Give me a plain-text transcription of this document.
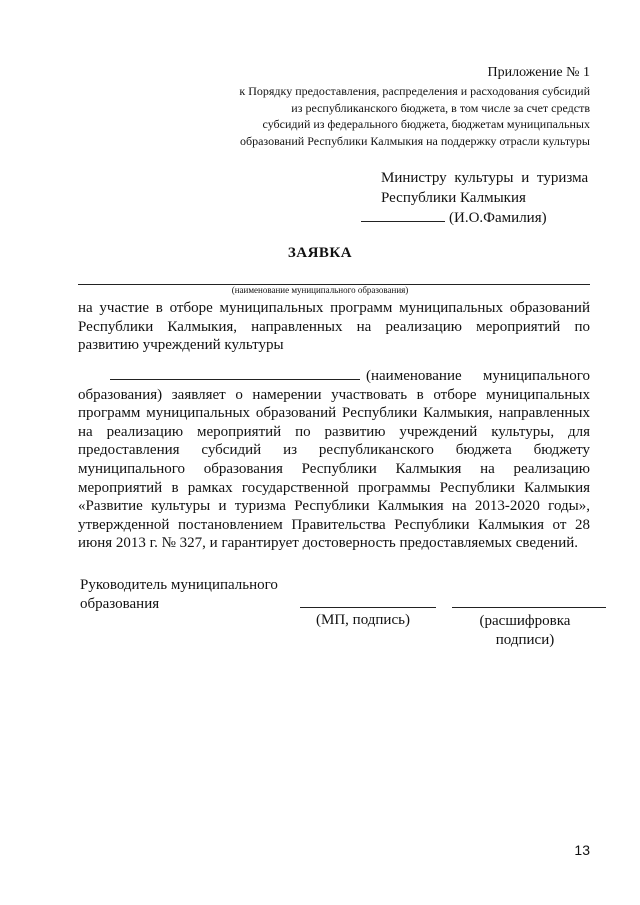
Приложение № 1
к Порядку предоставления, распределения и расходования субсидий
из республиканского бюджета, в том числе за счет средств
субсидий из федерального бюджета, бюджетам муниципальных
образований Республики Калмыкия на поддержку отрасли культуры
Министру культуры и туризма
Республики Калмыкия
(И.О.Фамилия)
ЗАЯВКА
(наименование муниципального образования)
на участие в отборе муниципальных программ муниципальных образований Республики Калмыкия, направленных на реализацию мероприятий по развитию учреждений культуры
(наименование муниципального образования) заявляет о намерении участвовать в отборе муниципальных программ муниципальных образований Республики Калмыкия, направленных на реализацию мероприятий по развитию учреждений культуры, для предоставления субсидий из республиканского бюджета бюджету муниципального образования Республики Калмыкия на реализацию мероприятий в рамках государственной программы Республики Калмыкия «Развитие культуры и туризма Республики Калмыкия на 2013-2020 годы», утвержденной постановлением Правительства Республики Калмыкия от 28 июня 2013 г. № 327, и гарантирует достоверность предоставляемых сведений.
Руководитель муниципального образования
(МП, подпись)	(расшифровка подписи)
13
